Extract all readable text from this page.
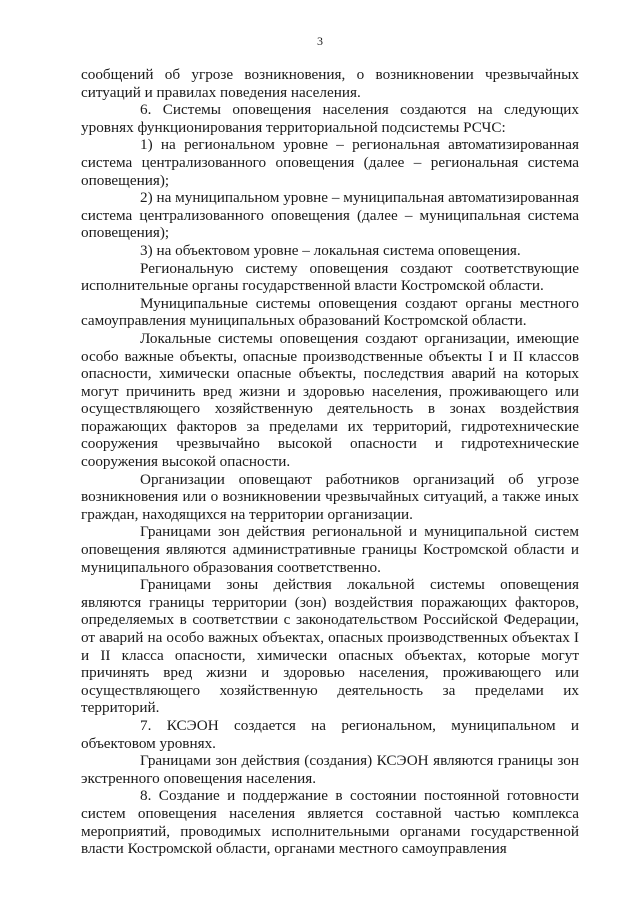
3

сообщений об угрозе возникновения, о возникновении чрезвычайных ситуаций и правилах поведения населения.

6. Системы оповещения населения создаются на следующих уровнях функционирования территориальной подсистемы РСЧС:

1) на региональном уровне – региональная автоматизированная система централизованного оповещения (далее – региональная система оповещения);

2) на муниципальном уровне – муниципальная автоматизированная система централизованного оповещения (далее – муниципальная система оповещения);

3) на объектовом уровне – локальная система оповещения.

Региональную систему оповещения создают соответствующие исполнительные органы государственной власти Костромской области.

Муниципальные системы оповещения создают органы местного самоуправления муниципальных образований Костромской области.

Локальные системы оповещения создают организации, имеющие особо важные объекты, опасные производственные объекты I и II классов опасности, химически опасные объекты, последствия аварий на которых могут причинить вред жизни и здоровью населения, проживающего или осуществляющего хозяйственную деятельность в зонах воздействия поражающих факторов за пределами их территорий, гидротехнические сооружения чрезвычайно высокой опасности и гидротехнические сооружения высокой опасности.

Организации оповещают работников организаций об угрозе возникновения или о возникновении чрезвычайных ситуаций, а также иных граждан, находящихся на территории организации.

Границами зон действия региональной и муниципальной систем оповещения являются административные границы Костромской области и муниципального образования соответственно.

Границами зоны действия локальной системы оповещения являются границы территории (зон) воздействия поражающих факторов, определяемых в соответствии с законодательством Российской Федерации, от аварий на особо важных объектах, опасных производственных объектах I и II класса опасности, химически опасных объектах, которые могут причинять вред жизни и здоровью населения, проживающего или осуществляющего хозяйственную деятельность за пределами их территорий.

7. КСЭОН создается на региональном, муниципальном и объектовом уровнях.

Границами зон действия (создания) КСЭОН являются границы зон экстренного оповещения населения.

8. Создание и поддержание в состоянии постоянной готовности систем оповещения населения является составной частью комплекса мероприятий, проводимых исполнительными органами государственной власти Костромской области, органами местного самоуправления
